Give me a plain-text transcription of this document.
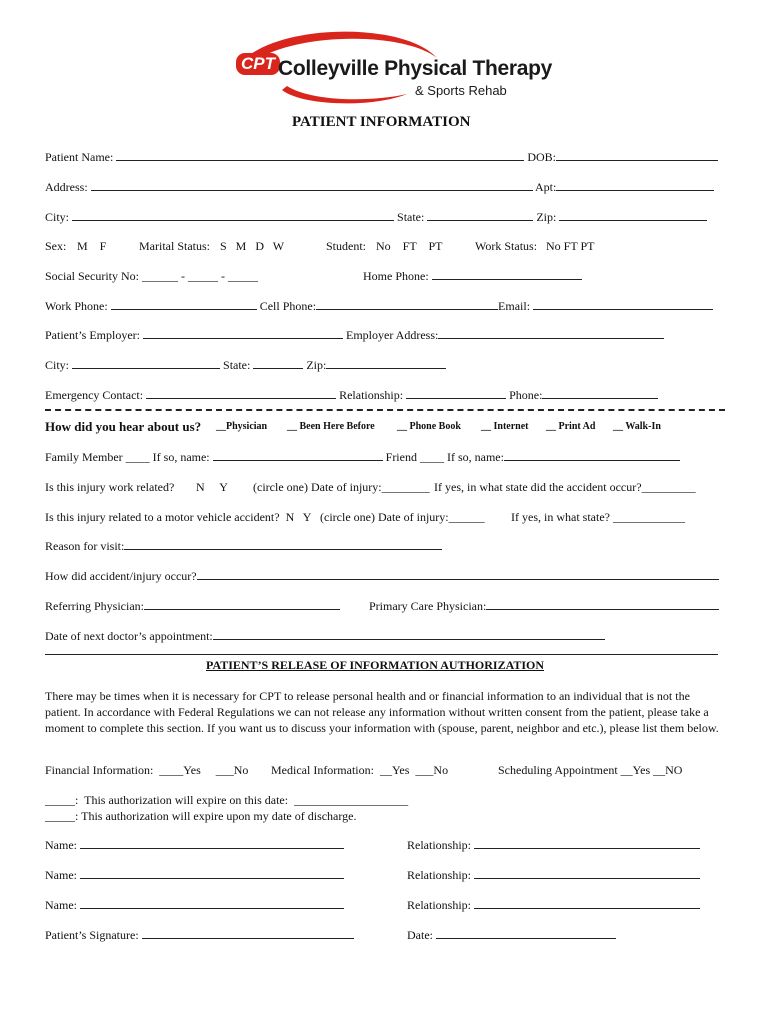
CPT Colleyville Physical Therapy
& Sports Rehab
PATIENT INFORMATION
Patient Name:	DOB:
Address:	Apt:
City:	State:	Zip:
Sex: M    F	Marital Status: S   M   D   W	Student: No    FT    PT	Work Status: No FT PT
Social Security No: ______ - _____ - _____	Home Phone:
Work Phone:	Cell Phone:	Email:
Patient’s Employer:	Employer Address:
City:	State:	Zip:
Emergency Contact:	Relationship:	Phone:
How did you hear about us? __Physician __ Been Here Before __ Phone Book __ Internet __ Print Ad __ Walk-In
Family Member ____ If so, name:	Friend ____ If so, name:
Is this injury work related? N     Y (circle one) Date of injury:________ If yes, in what state did the accident occur?_________
Is this injury related to a motor vehicle accident?  N   Y   (circle one) Date of injury:______ If yes, in what state? ____________
Reason for visit:
How did accident/injury occur?
Referring Physician:	Primary Care Physician:
Date of next doctor’s appointment:
PATIENT’S RELEASE OF INFORMATION AUTHORIZATION
There may be times when it is necessary for CPT to release personal health and or financial information to an individual that is not the patient. In accordance with Federal Regulations we can not release any information without written consent from the patient, please take a moment to complete this section. If you want us to discuss your information with (spouse, parent, neighbor and etc.), please list them below.
Financial Information:  ____Yes     ___No Medical Information:  __Yes  ___No	Scheduling Appointment __Yes __NO
_____:  This authorization will expire on this date:  ___________________
_____: This authorization will expire upon my date of discharge.
Name:	Relationship:
Name:	Relationship:
Name:	Relationship:
Patient’s Signature:	Date:
